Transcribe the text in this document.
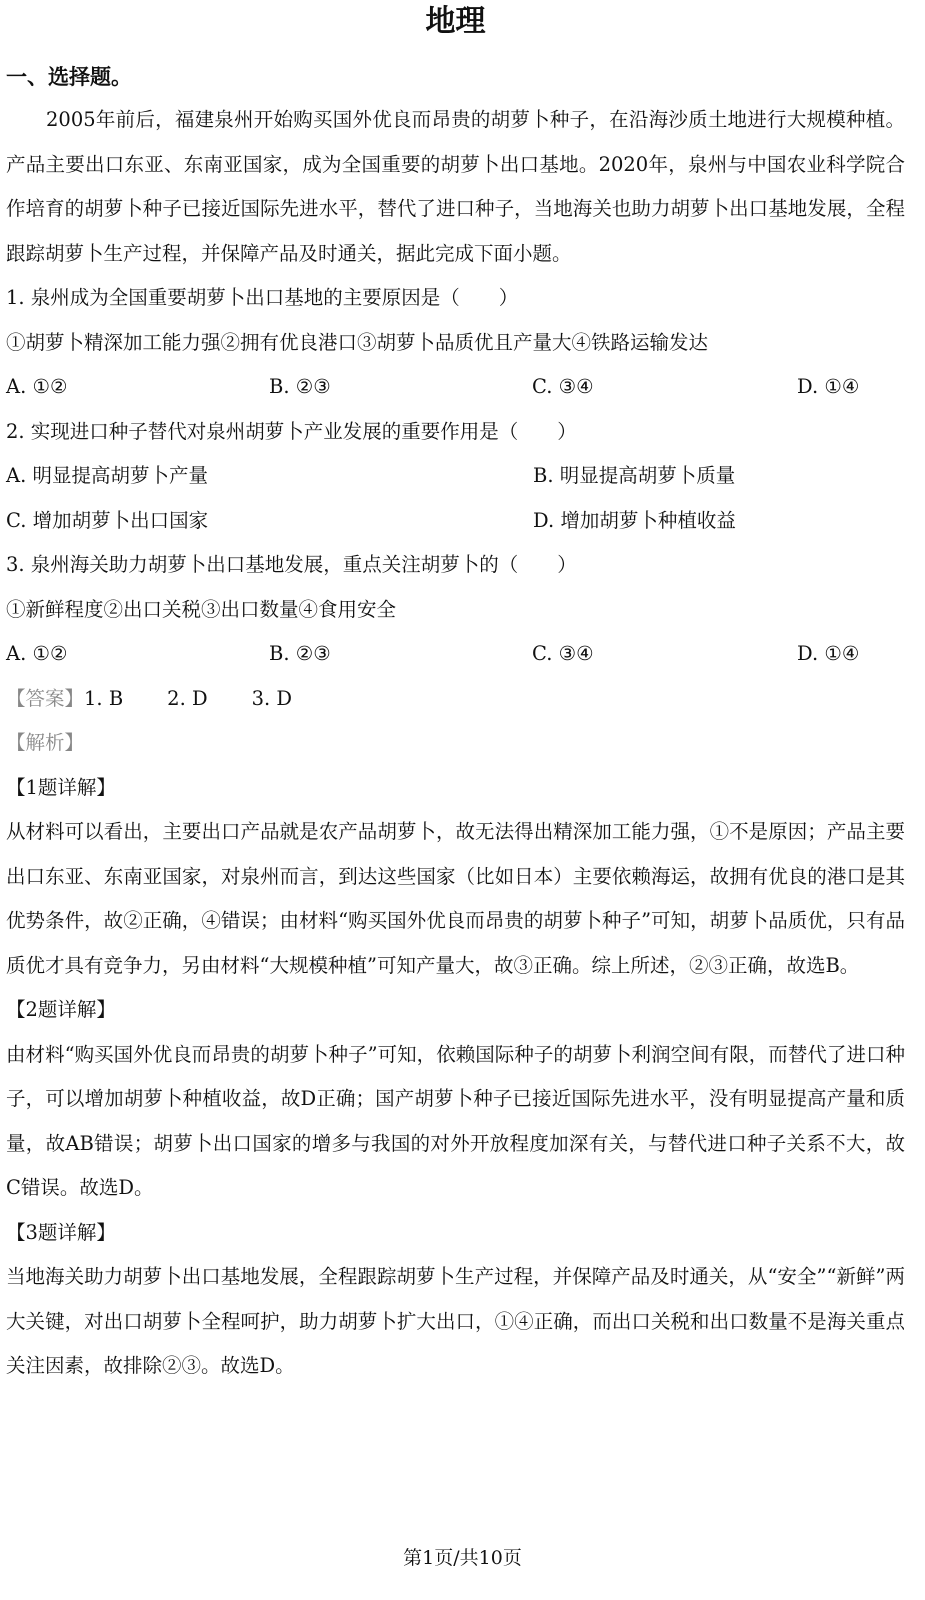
地理
一、选择题。

2005年前后，福建泉州开始购买国外优良而昂贵的胡萝卜种子，在沿海沙质土地进行大规模种植。产品主要出口东亚、东南亚国家，成为全国重要的胡萝卜出口基地。2020年，泉州与中国农业科学院合作培育的胡萝卜种子已接近国际先进水平，替代了进口种子，当地海关也助力胡萝卜出口基地发展，全程跟踪胡萝卜生产过程，并保障产品及时通关，据此完成下面小题。

1. 泉州成为全国重要胡萝卜出口基地的主要原因是（　　）

①胡萝卜精深加工能力强②拥有优良港口③胡萝卜品质优且产量大④铁路运输发达

A. ①②	B. ②③	C. ③④	D. ①④

2. 实现进口种子替代对泉州胡萝卜产业发展的重要作用是（　　）

A. 明显提高胡萝卜产量	B. 明显提高胡萝卜质量
C. 增加胡萝卜出口国家	D. 增加胡萝卜种植收益

3. 泉州海关助力胡萝卜出口基地发展，重点关注胡萝卜的（　　）

①新鲜程度②出口关税③出口数量④食用安全

A. ①②	B. ②③	C. ③④	D. ①④
【答案】1. B 2. D 3. D
【解析】

【1题详解】

从材料可以看出，主要出口产品就是农产品胡萝卜，故无法得出精深加工能力强，①不是原因；产品主要出口东亚、东南亚国家，对泉州而言，到达这些国家（比如日本）主要依赖海运，故拥有优良的港口是其优势条件，故②正确，④错误；由材料“购买国外优良而昂贵的胡萝卜种子”可知，胡萝卜品质优，只有品质优才具有竞争力，另由材料“大规模种植”可知产量大，故③正确。综上所述，②③正确，故选B。

【2题详解】

由材料“购买国外优良而昂贵的胡萝卜种子”可知，依赖国际种子的胡萝卜利润空间有限，而替代了进口种子，可以增加胡萝卜种植收益，故D正确；国产胡萝卜种子已接近国际先进水平，没有明显提高产量和质量，故AB错误；胡萝卜出口国家的增多与我国的对外开放程度加深有关，与替代进口种子关系不大，故C错误。故选D。

【3题详解】

当地海关助力胡萝卜出口基地发展，全程跟踪胡萝卜生产过程，并保障产品及时通关，从“安全”“新鲜”两大关键，对出口胡萝卜全程呵护，助力胡萝卜扩大出口，①④正确，而出口关税和出口数量不是海关重点关注因素，故排除②③。故选D。

第1页/共10页
